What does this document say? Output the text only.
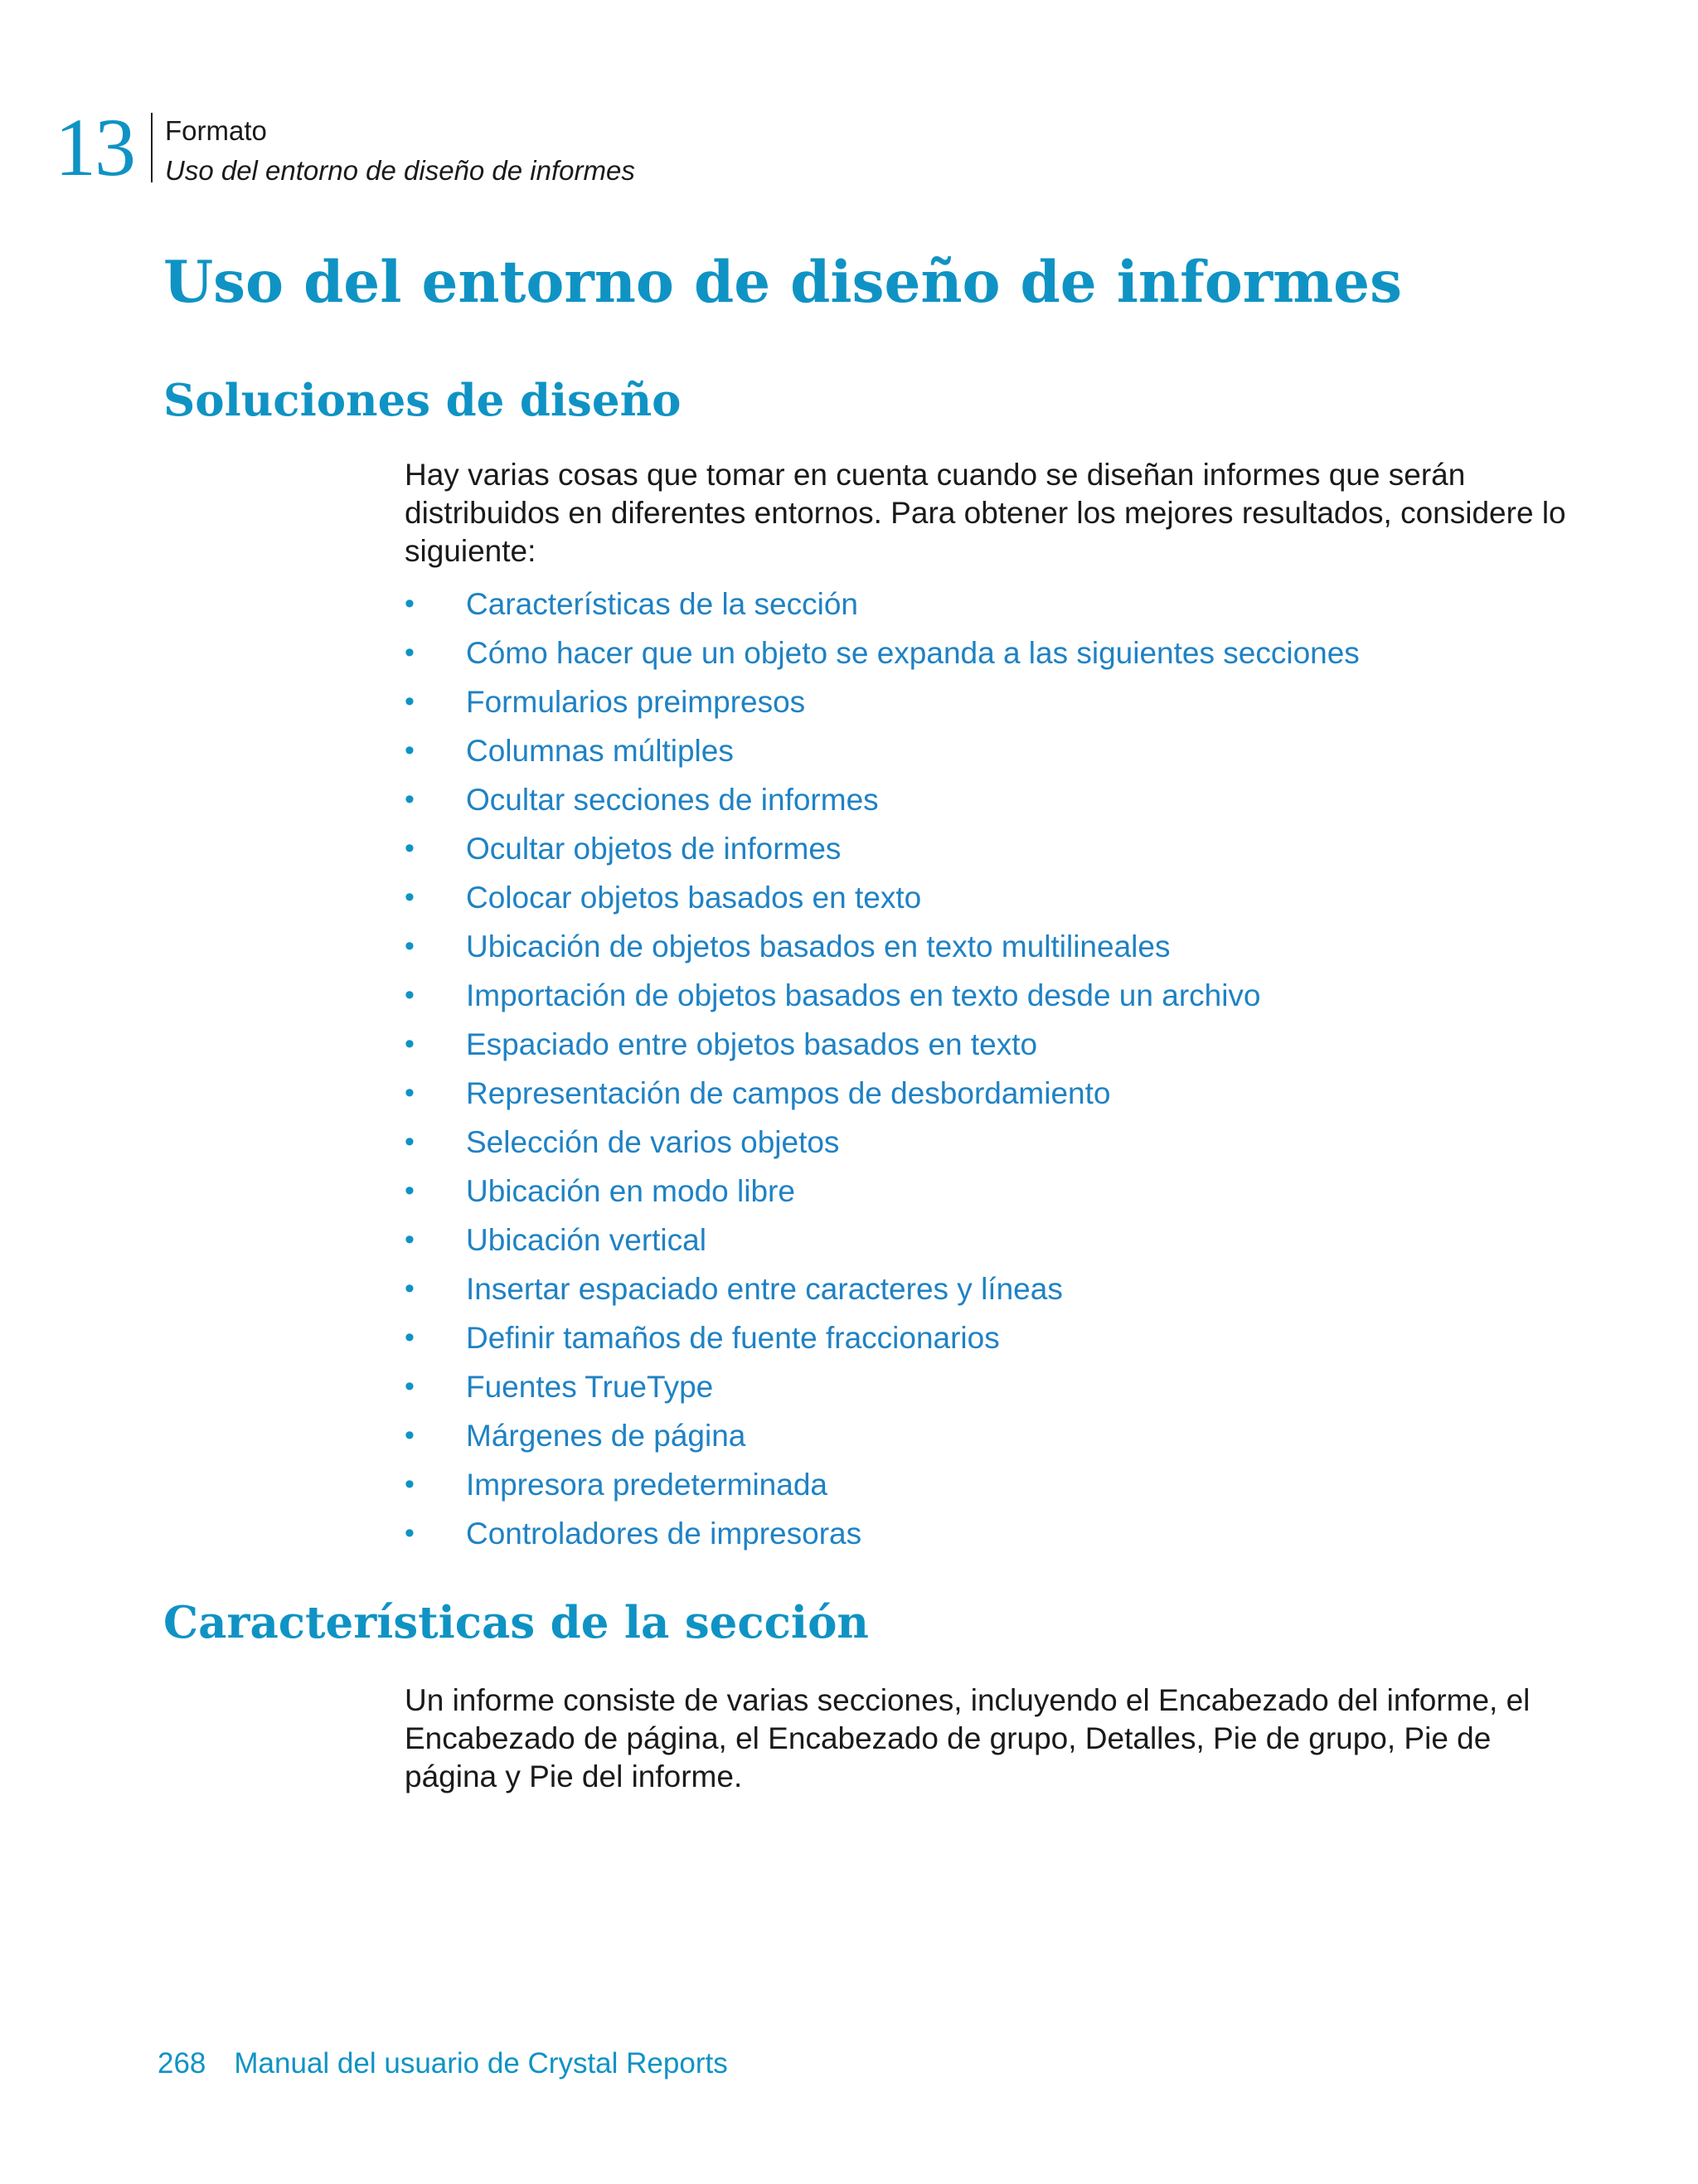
13 Formato
Uso del entorno de diseño de informes
Uso del entorno de diseño de informes
Soluciones de diseño

Hay varias cosas que tomar en cuenta cuando se diseñan informes que serán distribuidos en diferentes entornos. Para obtener los mejores resultados, considere lo siguiente:

• Características de la sección
• Cómo hacer que un objeto se expanda a las siguientes secciones
• Formularios preimpresos
• Columnas múltiples
• Ocultar secciones de informes
• Ocultar objetos de informes
• Colocar objetos basados en texto
• Ubicación de objetos basados en texto multilineales
• Importación de objetos basados en texto desde un archivo
• Espaciado entre objetos basados en texto
• Representación de campos de desbordamiento
• Selección de varios objetos
• Ubicación en modo libre
• Ubicación vertical
• Insertar espaciado entre caracteres y líneas
• Definir tamaños de fuente fraccionarios
• Fuentes TrueType
• Márgenes de página
• Impresora predeterminada
• Controladores de impresoras
Características de la sección

Un informe consiste de varias secciones, incluyendo el Encabezado del informe, el Encabezado de página, el Encabezado de grupo, Detalles, Pie de grupo, Pie de página y Pie del informe.

268 Manual del usuario de Crystal Reports
